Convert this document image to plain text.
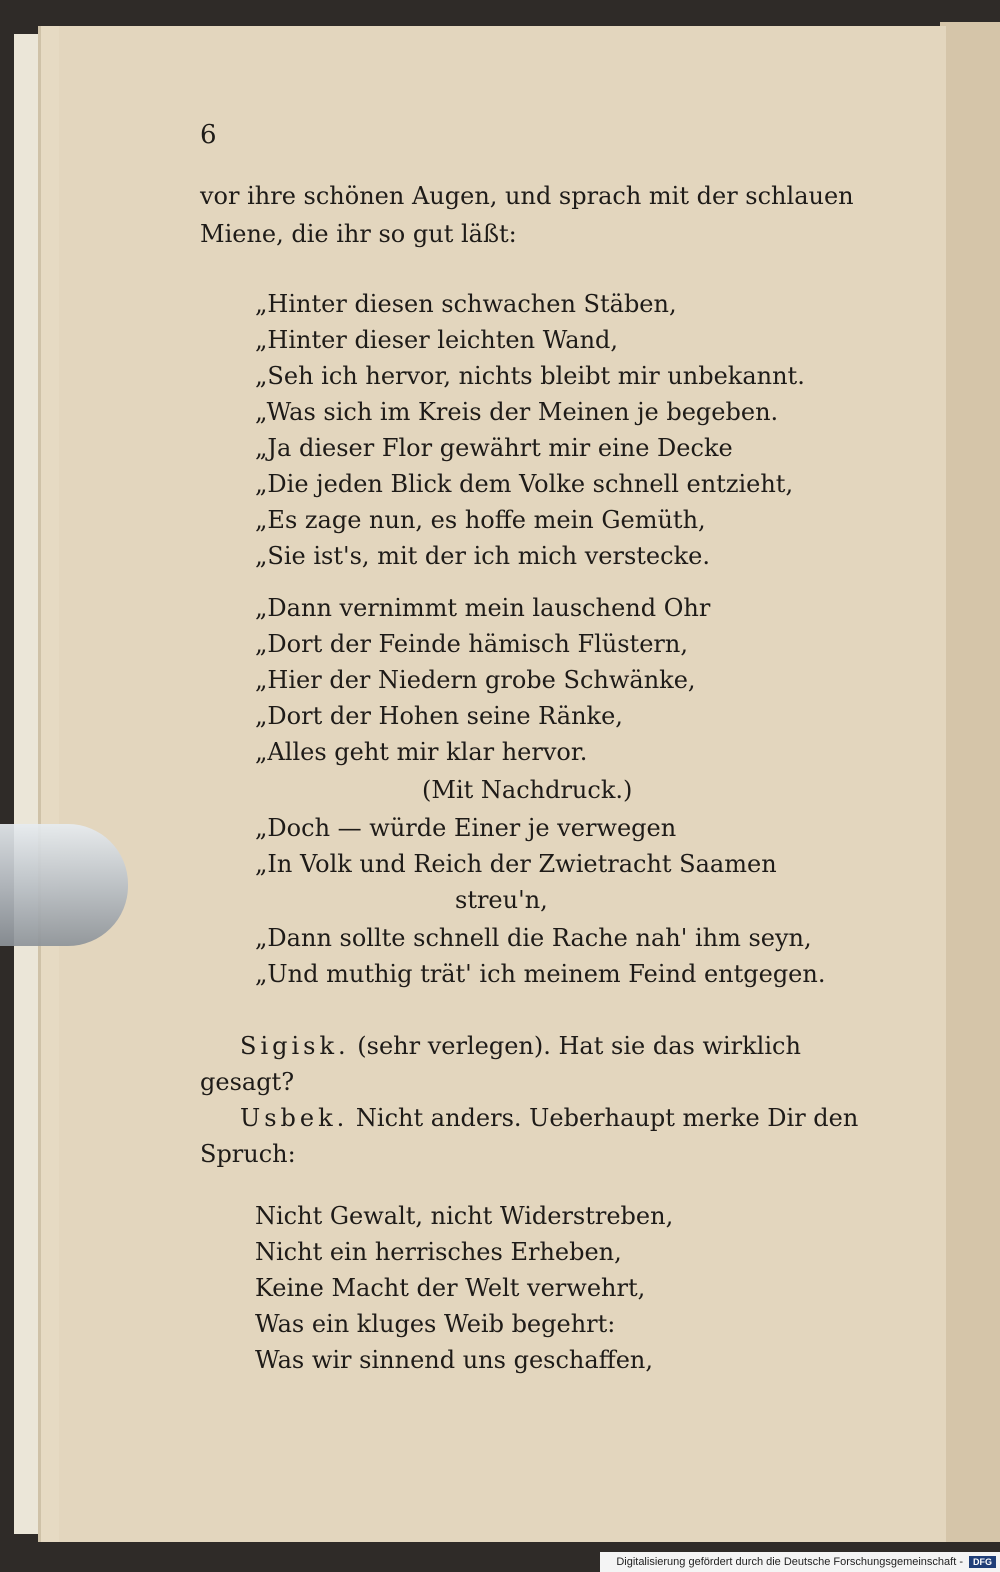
6
vor ihre schönen Augen, und sprach mit der schlauen
Miene, die ihr so gut läßt:
„Hinter diesen schwachen Stäben,
„Hinter dieser leichten Wand,
„Seh ich hervor, nichts bleibt mir unbekannt.
„Was sich im Kreis der Meinen je begeben.
„Ja dieser Flor gewährt mir eine Decke
„Die jeden Blick dem Volke schnell entzieht,
„Es zage nun, es hoffe mein Gemüth,
„Sie ist's, mit der ich mich verstecke.
„Dann vernimmt mein lauschend Ohr
„Dort der Feinde hämisch Flüstern,
„Hier der Niedern grobe Schwänke,
„Dort der Hohen seine Ränke,
„Alles geht mir klar hervor.
(Mit Nachdruck.)
„Doch — würde Einer je verwegen
„In Volk und Reich der Zwietracht Saamen
streu'n,
„Dann sollte schnell die Rache nah' ihm seyn,
„Und muthig trät' ich meinem Feind entgegen.
Sigisk. (sehr verlegen). Hat sie das wirklich
gesagt?
Usbek. Nicht anders. Ueberhaupt merke Dir den
Spruch:
Nicht Gewalt, nicht Widerstreben,
Nicht ein herrisches Erheben,
Keine Macht der Welt verwehrt,
Was ein kluges Weib begehrt:
Was wir sinnend uns geschaffen,
Digitalisierung gefördert durch die Deutsche Forschungsgemeinschaft -	DFG
